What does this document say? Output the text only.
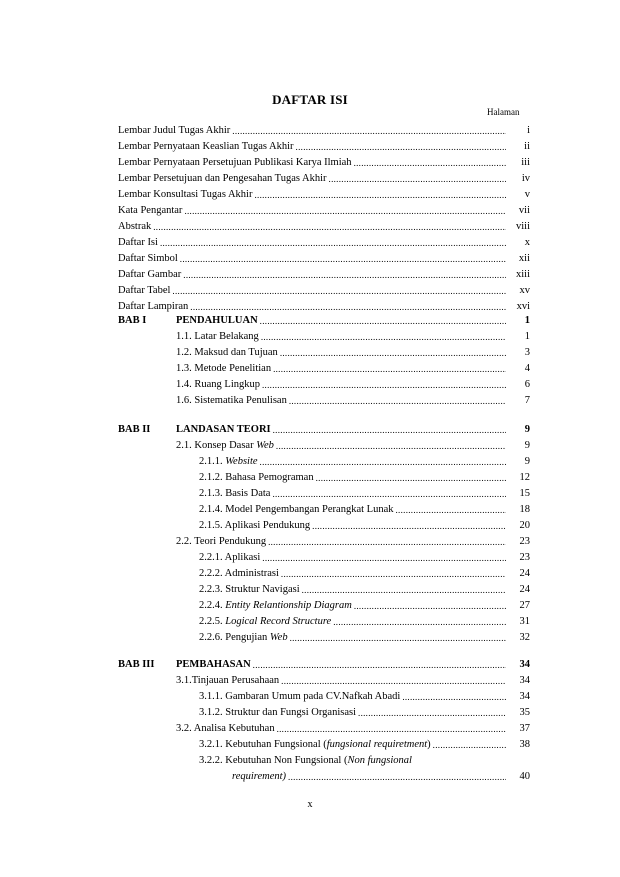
DAFTAR ISI
Halaman
Lembar Judul Tugas Akhir .....	i
Lembar Pernyataan Keaslian Tugas Akhir .....	ii
Lembar Pernyataan Persetujuan Publikasi Karya Ilmiah .....	iii
Lembar Persetujuan dan Pengesahan Tugas Akhir .....	iv
Lembar Konsultasi Tugas Akhir .....	v
Kata Pengantar .....	vii
Abstrak .....	viii
Daftar Isi .....	x
Daftar Simbol .....	xii
Daftar Gambar .....	xiii
Daftar Tabel .....	xv
Daftar Lampiran .....	xvi
BAB I	PENDAHULUAN .....	1
1.1. Latar Belakang .....	1
1.2. Maksud dan Tujuan .....	3
1.3. Metode Penelitian .....	4
1.4. Ruang Lingkup .....	6
1.6. Sistematika Penulisan .....	7
BAB II LANDASAN TEORI .....	9
2.1. Konsep Dasar Web .....	9
2.1.1. Website .....	9
2.1.2. Bahasa Pemograman .....	12
2.1.3. Basis Data .....	15
2.1.4. Model Pengembangan Perangkat Lunak .....	18
2.1.5. Aplikasi Pendukung .....	20
2.2. Teori Pendukung .....	23
2.2.1. Aplikasi .....	23
2.2.2. Administrasi .....	24
2.2.3. Struktur Navigasi .....	24
2.2.4. Entity Relantionship Diagram .....	27
2.2.5. Logical Record Structure .....	31
2.2.6. Pengujian Web .....	32
BAB III PEMBAHASAN .....	34
3.1.Tinjauan Perusahaan .....	34
3.1.1. Gambaran Umum pada CV.Nafkah Abadi .....	34
3.1.2. Struktur dan Fungsi Organisasi .....	35
3.2. Analisa Kebutuhan .....	37
3.2.1. Kebutuhan Fungsional (fungsional requiretment) .....	38
3.2.2. Kebutuhan Non Fungsional (Non fungsional
requirement) .....	40
x
